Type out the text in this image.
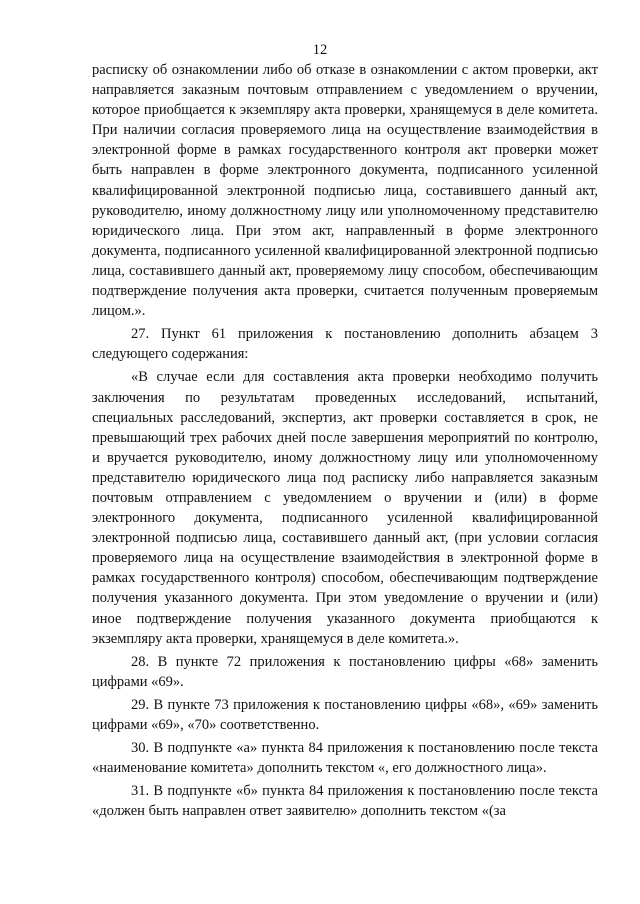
12

расписку об ознакомлении либо об отказе в ознакомлении с актом проверки, акт направляется заказным почтовым отправлением с уведомлением о вручении, которое приобщается к экземпляру акта проверки, хранящемуся в деле комитета. При наличии согласия проверяемого лица на осуществление взаимодействия в электронной форме в рамках государственного контроля акт проверки может быть направлен в форме электронного документа, подписанного усиленной квалифицированной электронной подписью лица, составившего данный акт, руководителю, иному должностному лицу или уполномоченному представителю юридического лица. При этом акт, направленный в форме электронного документа, подписанного усиленной квалифицированной электронной подписью лица, составившего данный акт, проверяемому лицу способом, обеспечивающим подтверждение получения акта проверки, считается полученным проверяемым лицом.».

27. Пункт 61 приложения к постановлению дополнить абзацем 3 следующего содержания:

«В случае если для составления акта проверки необходимо получить заключения по результатам проведенных исследований, испытаний, специальных расследований, экспертиз, акт проверки составляется в срок, не превышающий трех рабочих дней после завершения мероприятий по контролю, и вручается руководителю, иному должностному лицу или уполномоченному представителю юридического лица под расписку либо направляется заказным почтовым отправлением с уведомлением о вручении и (или) в форме электронного документа, подписанного усиленной квалифицированной электронной подписью лица, составившего данный акт, (при условии согласия проверяемого лица на осуществление взаимодействия в электронной форме в рамках государственного контроля) способом, обеспечивающим подтверждение получения указанного документа. При этом уведомление о вручении и (или) иное подтверждение получения указанного документа приобщаются к экземпляру акта проверки, хранящемуся в деле комитета.».

28. В пункте 72 приложения к постановлению цифры «68» заменить цифрами «69».

29. В пункте 73 приложения к постановлению цифры «68», «69» заменить цифрами «69», «70» соответственно.

30. В подпункте «а» пункта 84 приложения к постановлению после текста «наименование комитета» дополнить текстом «, его должностного лица».

31. В подпункте «б» пункта 84 приложения к постановлению после текста «должен быть направлен ответ заявителю» дополнить текстом «(за
